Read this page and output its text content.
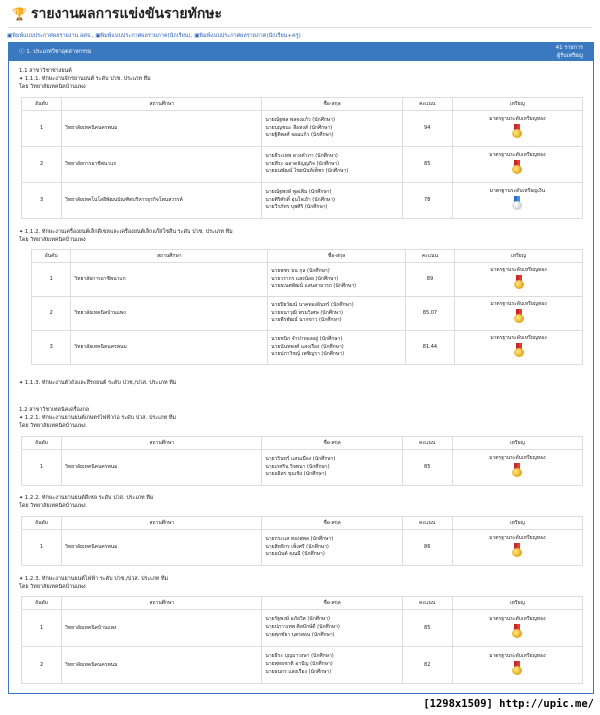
🏆 รายงานผลการแข่งขันรายทักษะ
▣พิมพ์แบบประกาศผลรายงาน อศจ., ▣พิมพ์แบบประกาศผลรายภาค(นักเรียน), ▣พิมพ์แบบประกาศผลรายภาค(นักเรียน+ครู)
ⓘ 1. ประเภทวิชาอุตสาหกรรม
41 รายการ
ผู้รับเหรียญ
1.1 สาขาวิชาช่างยนต์
✦ 1.1.1. ทักษะงานจักรยานยนต์ ระดับ ปวช. ประเภท ทีม
โดย วิทยาลัยเทคนิคบ้านแพง
อันดับ	สถานศึกษา	ชื่อ-สกุล	คะแนน	เหรียญ
1	วิทยาลัยเทคนิคนครพนม	นายณัฐพล พลจงแก้ว (นักศึกษา)
นายบุญชนะ ลือหงส์ (นักศึกษา)
นายฐิติพงศ์ จอมแก้ว (นักศึกษา)	94	มาตรฐานระดับเหรียญทอง

2	วิทยาลัยการอาชีพนาแก	นายธีระเทพ ดวงคำภา (นักศึกษา)
นายพีระ ฉลาดธัญญกิจ (นักศึกษา)
นายธนพัฒน์ ไชยนันท์เพ็ชร (นักศึกษา)	85	มาตรฐานระดับเหรียญทอง

3	วิทยาลัยเทคโนโลยีพัฒนบัณฑิตบริหารธุรกิจโพนสวรรค์	นายณัฐพงษ์ พูลเพิ่ม (นักศึกษา)
นายศิริศักดิ์ อุ่นใจเย้า (นักศึกษา)
นายวีรภัทร บุพศิริ (นักศึกษา)	78	มาตรฐานระดับเหรียญเงิน
✦ 1.1.2. ทักษะงานเครื่องยนต์เล็กดีเซลและเครื่องยนต์เล็กแก๊สโซลีน ระดับ ปวช. ประเภท ทีม
โดย วิทยาลัยเทคนิคบ้านแพง
อันดับ	สถานศึกษา	ชื่อ-สกุล	คะแนน	เหรียญ
1	วิทยาลัยการอาชีพนาแก	นายพชร ธน กุล (นักศึกษา)
นายวรากร แสงน้อย (นักศึกษา)
นายธเนศพัฒน์ แสนสามารถ (นักศึกษา)	89	มาตรฐานระดับเหรียญทอง

2	วิทยาลัยเทคนิคบ้านแพง	นายปิยวัฒน์ นาคทองอินทร์ (นักศึกษา)
นายธนาวุฒิ พรมวิเศษ (นักศึกษา)
นายพีรพัฒน์ นากขาว (นักศึกษา)	85.07	มาตรฐานระดับเหรียญทอง

3	วิทยาลัยเทคนิคนครพนม	นายชนิก จำปาทองอยู่ (นักศึกษา)
นายนันทพงศ์ แสงเรือง (นักศึกษา)
นายปภาวิชญ์ เพชิญรา (นักศึกษา)	81.44	มาตรฐานระดับเหรียญทอง
✦ 1.1.3. ทักษะงานตัวถังและสีรถยนต์ ระดับ ปวช./ปวส. ประเภท ทีม
1.2 สาขาวิชาเทคนิคเครื่องกล
✦ 1.2.1. ทักษะงานยานยนต์เกษตรไฟฟ้าก่อ ระดับ ปวส. ประเภท ทีม
โดย วิทยาลัยเทคนิคบ้านแพง
อันดับ	สถานศึกษา	ชื่อ-สกุล	คะแนน	เหรียญ
1	วิทยาลัยเทคนิคนครพนม	นายวรินทร์ แสนเมือง (นักศึกษา)
นายเกศริน ริจพนา (นักศึกษา)
นายอธิสร ขุมเชิง (นักศึกษา)	85	มาตรฐานระดับเหรียญทอง
✦ 1.2.2. ทักษะงานยานยนต์ดีเซล ระดับ ปวส. ประเภท ทีม
โดย วิทยาลัยเทคนิคบ้านแพง
อันดับ	สถานศึกษา	ชื่อ-สกุล	คะแนน	เหรียญ
1	วิทยาลัยเทคนิคนครพนม	นายกระแส ทองสุพล (นักศึกษา)
นายสิทธิกร เพ็งศรี (นักศึกษา)
นายอนันต์ คุณมี (นักศึกษา)	86	มาตรฐานระดับเหรียญทอง
✦ 1.2.3. ทักษะงานยานยนต์ไฟฟ้า ระดับ ปวช./ปวส. ประเภท ทีม
โดย วิทยาลัยเทคนิคบ้านแพง
อันดับ	สถานศึกษา	ชื่อ-สกุล	คะแนน	เหรียญ
1	วิทยาลัยเทคนิคบ้านแพง	นายรัฐพงษ์ อภัยวิส (นักศึกษา)
นายปภาวเทพ ศิลปักษ์ดี (นักศึกษา)
นายศุภชัยา บุตรสอน (นักศึกษา)	85	มาตรฐานระดับเหรียญทอง

2	วิทยาลัยเทคนิคนครพนม	นายธีระ บุญมาวงษา (นักศึกษา)
นายพุทธชาติ อาปัญ (นักศึกษา)
นายธนกร แสงเรือง (นักศึกษา)	82	มาตรฐานระดับเหรียญทอง
[1298x1509] http://upic.me/
